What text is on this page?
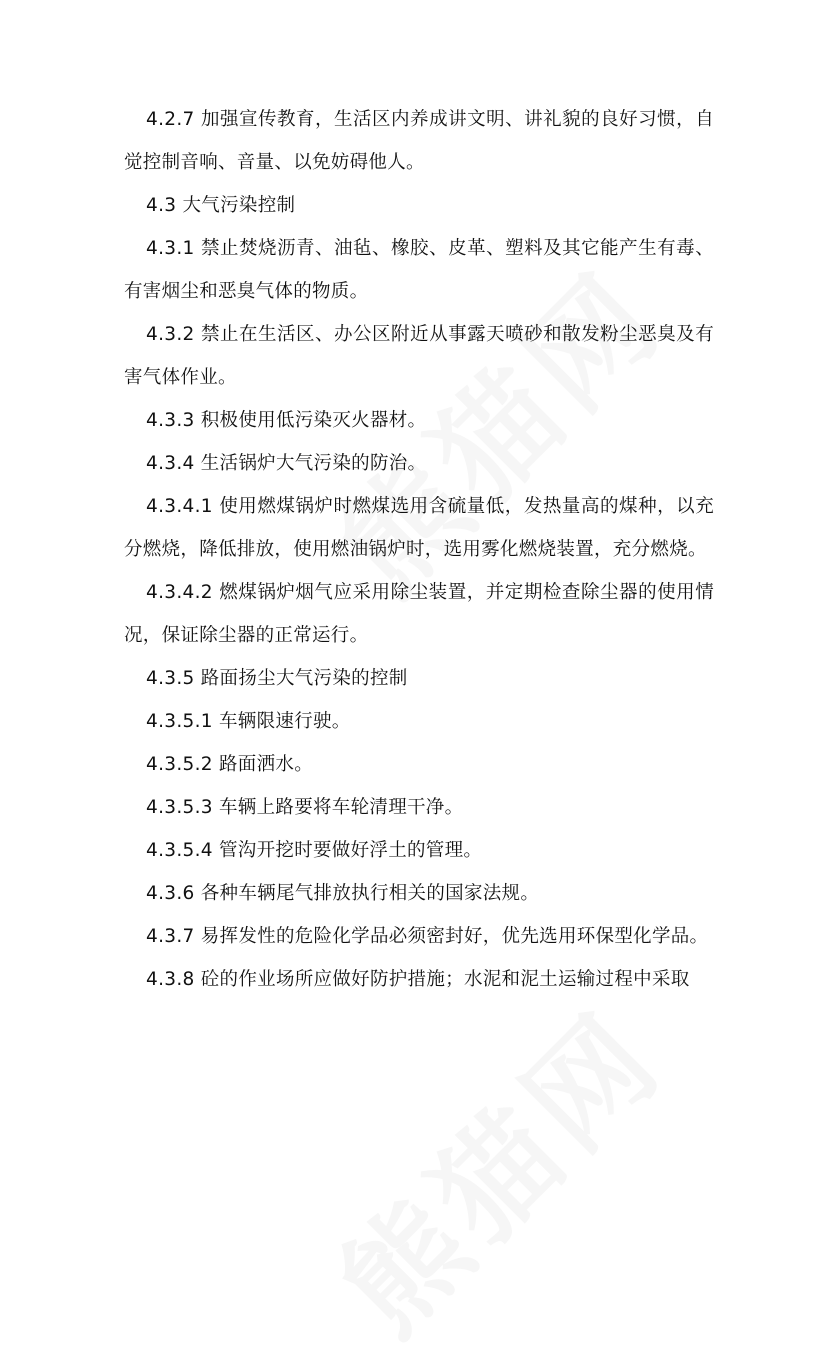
4.2.7 加强宣传教育，生活区内养成讲文明、讲礼貌的良好习惯，自觉控制音响、音量、以免妨碍他人。

4.3 大气污染控制

4.3.1 禁止焚烧沥青、油毡、橡胶、皮革、塑料及其它能产生有毒、有害烟尘和恶臭气体的物质。

4.3.2 禁止在生活区、办公区附近从事露天喷砂和散发粉尘恶臭及有害气体作业。

4.3.3 积极使用低污染灭火器材。

4.3.4 生活锅炉大气污染的防治。

4.3.4.1 使用燃煤锅炉时燃煤选用含硫量低，发热量高的煤种，以充分燃烧，降低排放，使用燃油锅炉时，选用雾化燃烧装置，充分燃烧。

4.3.4.2 燃煤锅炉烟气应采用除尘装置，并定期检查除尘器的使用情况，保证除尘器的正常运行。

4.3.5 路面扬尘大气污染的控制

4.3.5.1 车辆限速行驶。

4.3.5.2 路面洒水。

4.3.5.3 车辆上路要将车轮清理干净。

4.3.5.4 管沟开挖时要做好浮土的管理。

4.3.6 各种车辆尾气排放执行相关的国家法规。

4.3.7 易挥发性的危险化学品必须密封好，优先选用环保型化学品。

4.3.8 砼的作业场所应做好防护措施；水泥和泥土运输过程中采取
